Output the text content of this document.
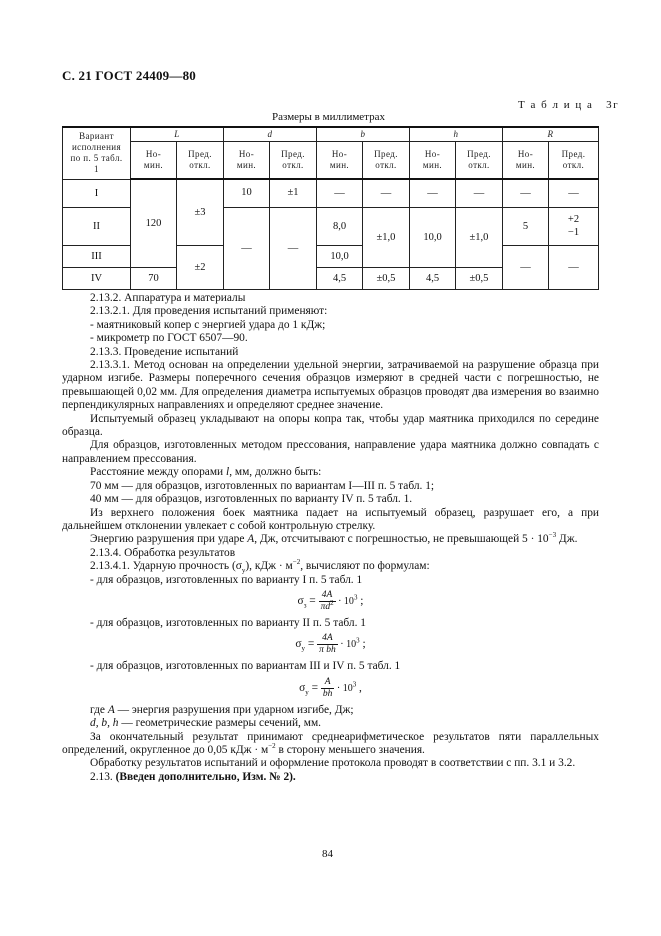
С. 21 ГОСТ 24409—80
Т а б л и ц а   3г
Размеры в миллиметрах
Вариант исполнения по п. 5 табл. 1	L		d		b		h		R	
	Но-мин.	Пред. откл.	Но-мин.	Пред. откл.	Но-мин.	Пред. откл.	Но-мин.	Пред. откл.	Но-мин.	Пред. откл.
I	120	±3	10	±1	—	—	—	—	—	—
II			—	—	8,0	±1,0	10,0	±1,0	5	+2
−1

III		±2			10,0				—	—
IV	70				4,5	±0,5	4,5	±0,5		

2.13.2. Аппаратура и материалы

2.13.2.1. Для проведения испытаний применяют:

- маятниковый копер с энергией удара до 1 кДж;

- микрометр по ГОСТ 6507—90.

2.13.3. Проведение испытаний

2.13.3.1. Метод основан на определении удельной энергии, затрачиваемой на разрушение образца при ударном изгибе. Размеры поперечного сечения образцов измеряют в средней части с погрешностью, не превышающей 0,02 мм. Для определения диаметра испытуемых образцов проводят два измерения во взаимно перпендикулярных направлениях и определяют среднее значение.

Испытуемый образец укладывают на опоры копра так, чтобы удар маятника приходился по середине образца.

Для образцов, изготовленных методом прессования, направление удара маятника должно совпадать с направлением прессования.

Расстояние между опорами l, мм, должно быть:

70 мм — для образцов, изготовленных по вариантам I—III п. 5 табл. 1;

40 мм — для образцов, изготовленных по варианту IV п. 5 табл. 1.

Из верхнего положения боек маятника падает на испытуемый образец, разрушает его, а при дальнейшем отклонении увлекает с собой контрольную стрелку.

Энергию разрушения при ударе A, Дж, отсчитывают с погрешностью, не превышающей $5 \cdot 10^{-3}$ Дж.

2.13.4. Обработка результатов

2.13.4.1. Ударную прочность $(\sigma_y)$, кДж · $м^{-2}$, вычисляют по формулам:

- для образцов, изготовленных по варианту I п. 5 табл. 1

$\sigma_з = \frac{4A}{\pi d^2} \cdot 10^3$ ;

- для образцов, изготовленных по варианту II п. 5 табл. 1

$\sigma_y = \frac{4A}{\text{π bh}} \cdot 10^3$ ;

- для образцов, изготовленных по вариантам III и IV п. 5 табл. 1

$\sigma_y = \frac{A}{bh} \cdot 10^3$ ,

где A — энергия разрушения при ударном изгибе, Дж;

d, b, h — геометрические размеры сечений, мм.

За окончательный результат принимают среднеарифметическое результатов пяти параллельных определений, округленное до 0,05 кДж · $м^{-2}$ в сторону меньшего значения.

Обработку результатов испытаний и оформление протокола проводят в соответствии с пп. 3.1 и 3.2.

2.13. (Введен дополнительно, Изм. № 2).

84
